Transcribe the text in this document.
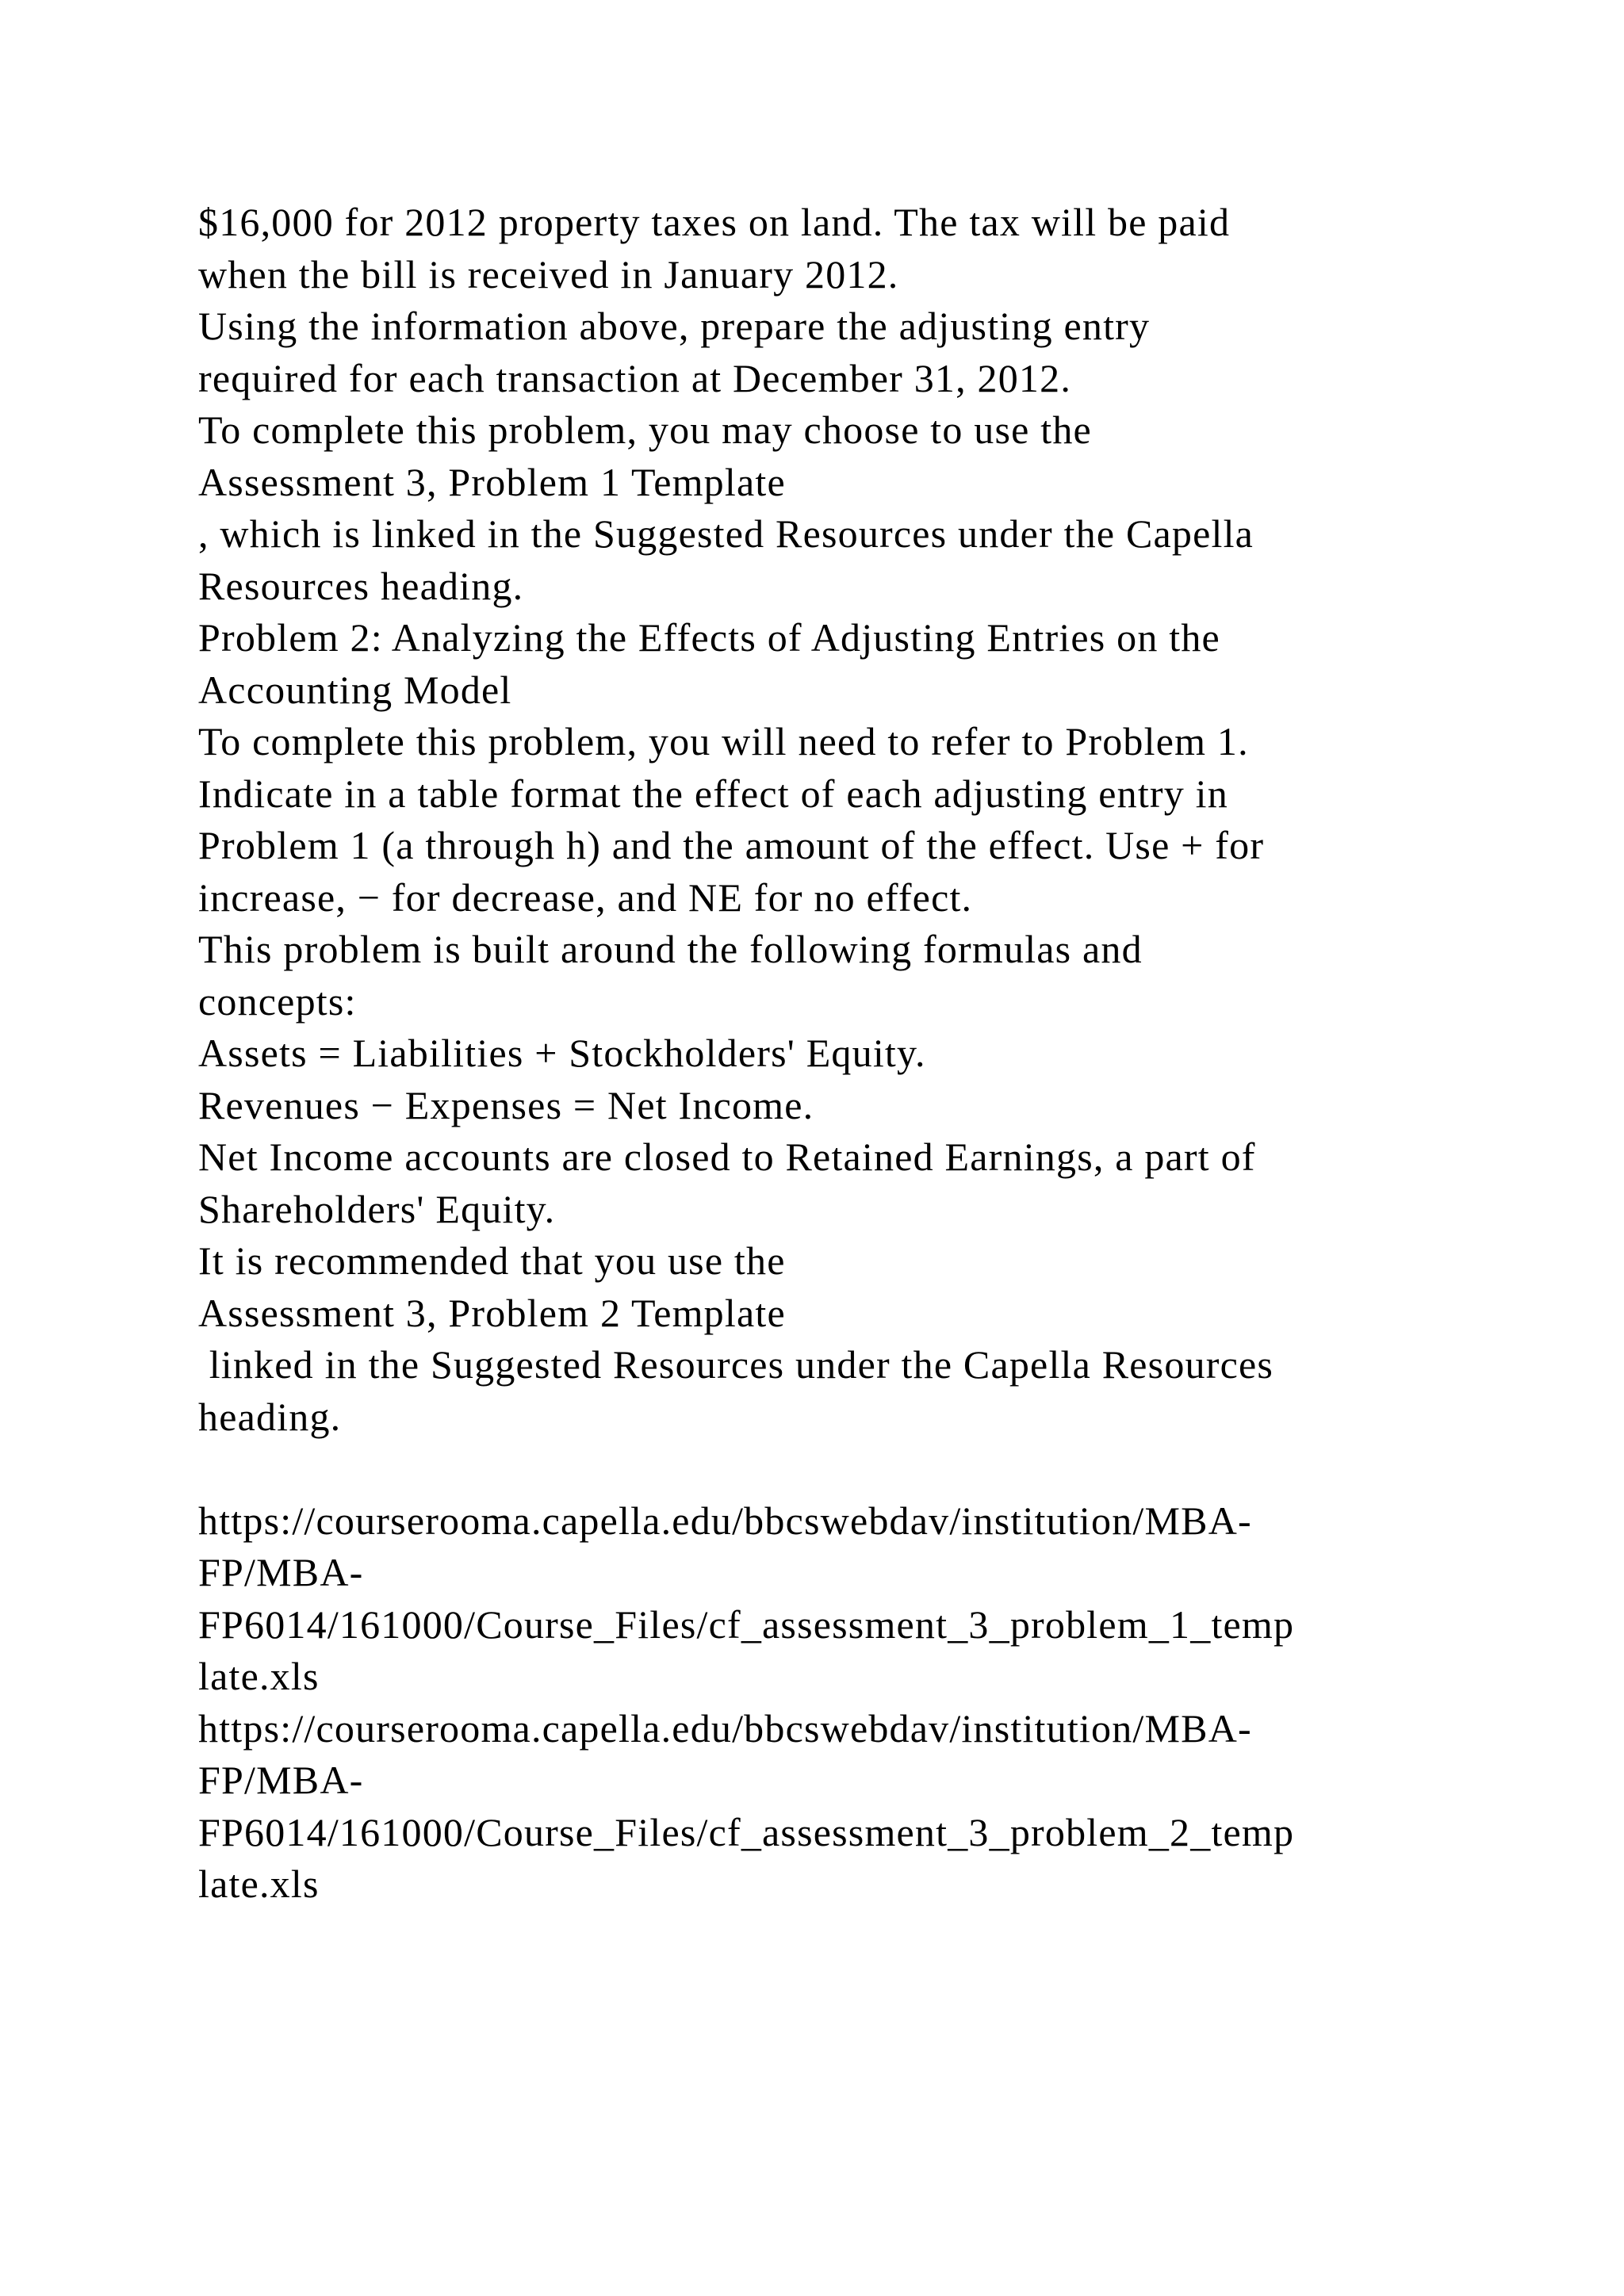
$16,000 for 2012 property taxes on land. The tax will be paid
when the bill is received in January 2012.
Using the information above, prepare the adjusting entry
required for each transaction at December 31, 2012.
To complete this problem, you may choose to use the
Assessment 3, Problem 1 Template
, which is linked in the Suggested Resources under the Capella
Resources heading.
Problem 2: Analyzing the Effects of Adjusting Entries on the
Accounting Model
To complete this problem, you will need to refer to Problem 1.
Indicate in a table format the effect of each adjusting entry in
Problem 1 (a through h) and the amount of the effect. Use + for
increase, − for decrease, and NE for no effect.
This problem is built around the following formulas and
concepts:
Assets = Liabilities + Stockholders' Equity.
Revenues − Expenses = Net Income.
Net Income accounts are closed to Retained Earnings, a part of
Shareholders' Equity.
It is recommended that you use the
Assessment 3, Problem 2 Template
linked in the Suggested Resources under the Capella Resources
heading.
https://courserooma.capella.edu/bbcswebdav/institution/MBA-
FP/MBA-
FP6014/161000/Course_Files/cf_assessment_3_problem_1_temp
late.xls
https://courserooma.capella.edu/bbcswebdav/institution/MBA-
FP/MBA-
FP6014/161000/Course_Files/cf_assessment_3_problem_2_temp
late.xls
